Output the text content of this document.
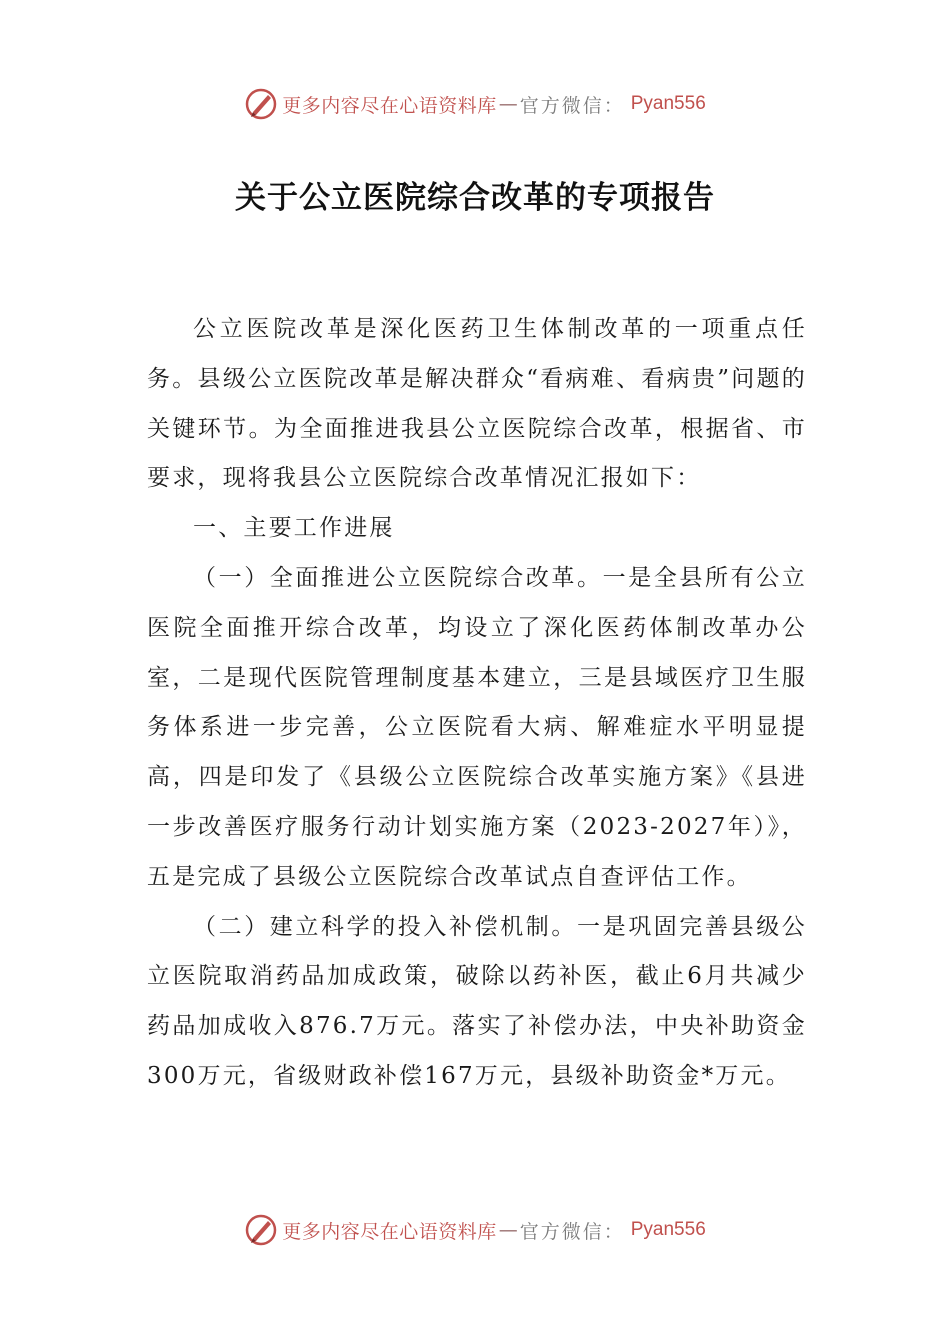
更多内容尽在心语资料库 — 官方微信： Pyan556
关于公立医院综合改革的专项报告

公立医院改革是深化医药卫生体制改革的一项重点任务。县级公立医院改革是解决群众“看病难、看病贵”问题的关键环节。为全面推进我县公立医院综合改革，根据省、市要求，现将我县公立医院综合改革情况汇报如下：

一、主要工作进展

（一）全面推进公立医院综合改革。一是全县所有公立医院全面推开综合改革，均设立了深化医药体制改革办公室，二是现代医院管理制度基本建立，三是县域医疗卫生服务体系进一步完善，公立医院看大病、解难症水平明显提高，四是印发了《县级公立医院综合改革实施方案》《县进一步改善医疗服务行动计划实施方案（2023-2027年）》，五是完成了县级公立医院综合改革试点自查评估工作。

（二）建立科学的投入补偿机制。一是巩固完善县级公立医院取消药品加成政策，破除以药补医，截止6月共减少药品加成收入876.7万元。落实了补偿办法，中央补助资金300万元，省级财政补偿167万元，县级补助资金*万元。

更多内容尽在心语资料库 — 官方微信： Pyan556
